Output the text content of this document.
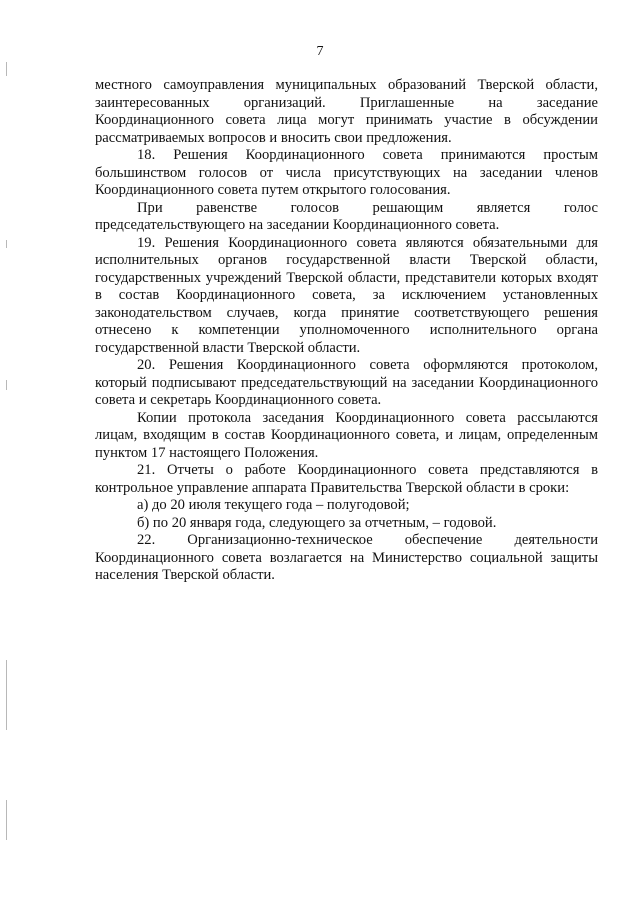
7

местного самоуправления муниципальных образований Тверской области, заинтересованных организаций. Приглашенные на заседание Координационного совета лица могут принимать участие в обсуждении рассматриваемых вопросов и вносить свои предложения.

18. Решения Координационного совета принимаются простым большинством голосов от числа присутствующих на заседании членов Координационного совета путем открытого голосования.

При равенстве голосов решающим является голос председательствующего на заседании Координационного совета.

19. Решения Координационного совета являются обязательными для исполнительных органов государственной власти Тверской области, государственных учреждений Тверской области, представители которых входят в состав Координационного совета, за исключением установленных законодательством случаев, когда принятие соответствующего решения отнесено к компетенции уполномоченного исполнительного органа государственной власти Тверской области.

20. Решения Координационного совета оформляются протоколом, который подписывают председательствующий на заседании Координационного совета и секретарь Координационного совета.

Копии протокола заседания Координационного совета рассылаются лицам, входящим в состав Координационного совета, и лицам, определенным пунктом 17 настоящего Положения.

21. Отчеты о работе Координационного совета представляются в контрольное управление аппарата Правительства Тверской области в сроки:

а) до 20 июля текущего года – полугодовой;

б) по 20 января года, следующего за отчетным, – годовой.

22. Организационно-техническое обеспечение деятельности Координационного совета возлагается на Министерство социальной защиты населения Тверской области.
